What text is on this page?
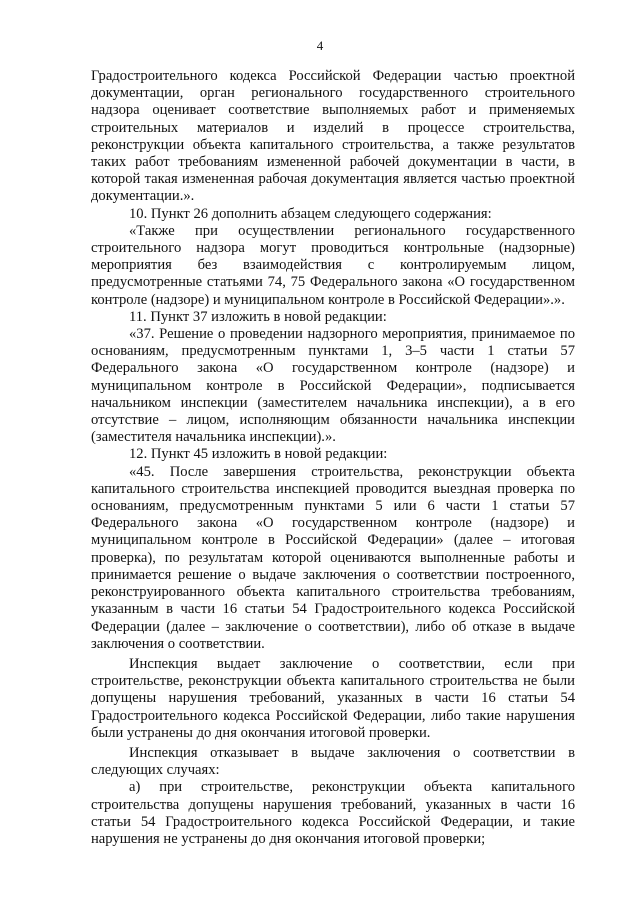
4

Градостроительного кодекса Российской Федерации частью проектной документации, орган регионального государственного строительного надзора оценивает соответствие выполняемых работ и применяемых строительных материалов и изделий в процессе строительства, реконструкции объекта капитального строительства, а также результатов таких работ требованиям измененной рабочей документации в части, в которой такая измененная рабочая документация является частью проектной документации.».

10. Пункт 26 дополнить абзацем следующего содержания:

«Также при осуществлении регионального государственного строительного надзора могут проводиться контрольные (надзорные) мероприятия без взаимодействия с контролируемым лицом, предусмотренные статьями 74, 75 Федерального закона «О государственном контроле (надзоре) и муниципальном контроле в Российской Федерации».».

11. Пункт 37 изложить в новой редакции:

«37. Решение о проведении надзорного мероприятия, принимаемое по основаниям, предусмотренным пунктами 1, 3–5 части 1 статьи 57 Федерального закона «О государственном контроле (надзоре) и муниципальном контроле в Российской Федерации», подписывается начальником инспекции (заместителем начальника инспекции), а в его отсутствие – лицом, исполняющим обязанности начальника инспекции (заместителя начальника инспекции).».

12. Пункт 45 изложить в новой редакции:

«45. После завершения строительства, реконструкции объекта капитального строительства инспекцией проводится выездная проверка по основаниям, предусмотренным пунктами 5 или 6 части 1 статьи 57 Федерального закона «О государственном контроле (надзоре) и муниципальном контроле в Российской Федерации» (далее – итоговая проверка), по результатам которой оцениваются выполненные работы и принимается решение о выдаче заключения о соответствии построенного, реконструированного объекта капитального строительства требованиям, указанным в части 16 статьи 54 Градостроительного кодекса Российской Федерации (далее – заключение о соответствии), либо об отказе в выдаче заключения о соответствии.

Инспекция выдает заключение о соответствии, если при строительстве, реконструкции объекта капитального строительства не были допущены нарушения требований, указанных в части 16 статьи 54 Градостроительного кодекса Российской Федерации, либо такие нарушения были устранены до дня окончания итоговой проверки.

Инспекция отказывает в выдаче заключения о соответствии в следующих случаях:

а) при строительстве, реконструкции объекта капитального строительства допущены нарушения требований, указанных в части 16 статьи 54 Градостроительного кодекса Российской Федерации, и такие нарушения не устранены до дня окончания итоговой проверки;
